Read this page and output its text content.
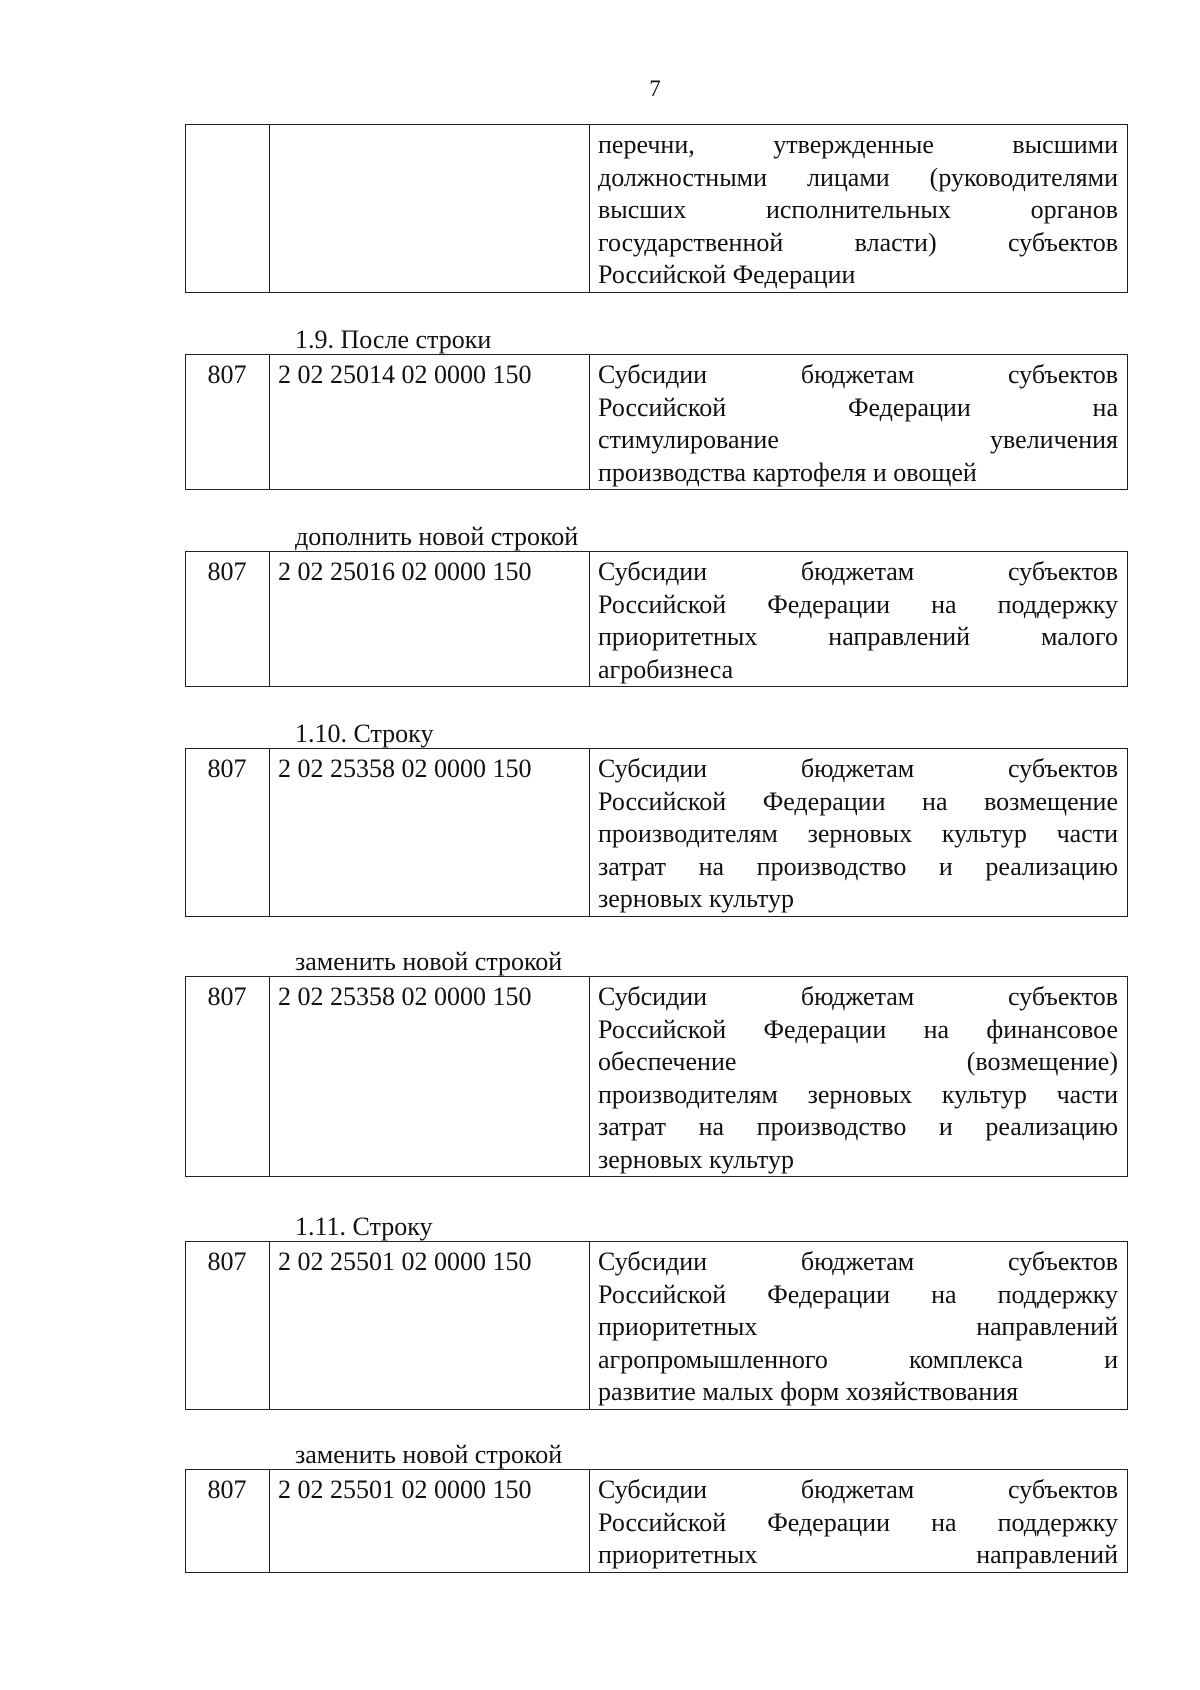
7
		перечни, утвержденные высшими
должностными лицами (руководителями
высших исполнительных органов
государственной власти) субъектов

Российской Федерации
1.9. После строки
807	2 02 25014 02 0000 150	Субсидии бюджетам субъектов
Российской Федерации на
стимулирование увеличения

производства картофеля и овощей
дополнить новой строкой
807	2 02 25016 02 0000 150	Субсидии бюджетам субъектов
Российской Федерации на поддержку
приоритетных направлений малого

агробизнеса
1.10. Строку
807	2 02 25358 02 0000 150	Субсидии бюджетам субъектов
Российской Федерации на возмещение
производителям зерновых культур части
затрат на производство и реализацию

зерновых культур
заменить новой строкой
807	2 02 25358 02 0000 150	Субсидии бюджетам субъектов
Российской Федерации на финансовое
обеспечение (возмещение)
производителям зерновых культур части
затрат на производство и реализацию

зерновых культур
1.11. Строку
807	2 02 25501 02 0000 150	Субсидии бюджетам субъектов
Российской Федерации на поддержку
приоритетных направлений
агропромышленного комплекса и

развитие малых форм хозяйствования
заменить новой строкой
807	2 02 25501 02 0000 150	Субсидии бюджетам субъектов
Российской Федерации на поддержку
приоритетных направлений
